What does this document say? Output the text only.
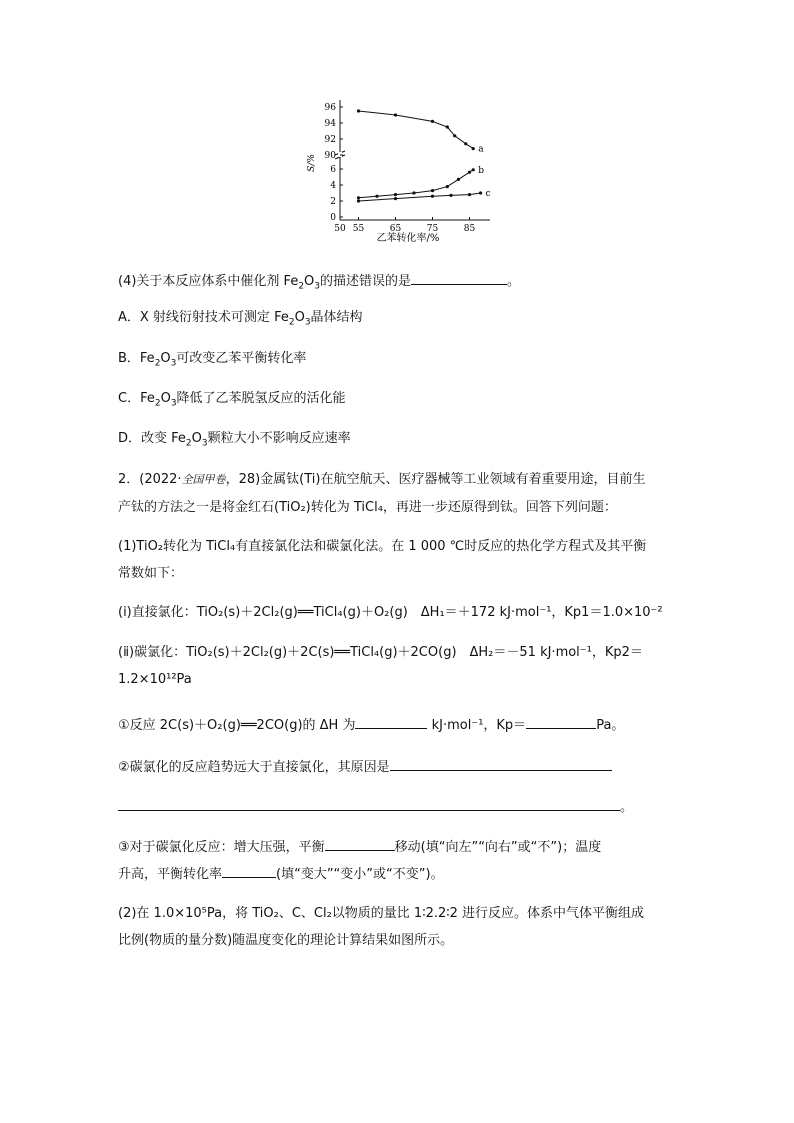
96
94
92
90
6
4
2
0
50 55	65	75	85
a
b
c
S/%
乙苯转化率/%
(4)关于本反应体系中催化剂 $Fe_2O_3$的描述错误的是	。
A．X 射线衍射技术可测定 $Fe_2O_3$晶体结构
B．$Fe_2O_3$可改变乙苯平衡转化率
C．$Fe_2O_3$降低了乙苯脱氢反应的活化能
D．改变 $Fe_2O_3$颗粒大小不影响反应速率
2．(2022·全国甲卷，28)金属钛(Ti)在航空航天、医疗器械等工业领域有着重要用途，目前生
产钛的方法之一是将金红石(TiO₂)转化为 TiCl₄，再进一步还原得到钛。回答下列问题：
(1)TiO₂转化为 TiCl₄有直接氯化法和碳氯化法。在 1 000 ℃时反应的热化学方程式及其平衡
常数如下：
(ⅰ)直接氯化：TiO₂(s)＋2Cl₂(g)══TiCl₄(g)＋O₂(g)　ΔH₁＝＋172 kJ·mol⁻¹，Kp1＝1.0×10⁻²
(ⅱ)碳氯化：TiO₂(s)＋2Cl₂(g)＋2C(s)══TiCl₄(g)＋2CO(g)　ΔH₂＝－51 kJ·mol⁻¹，Kp2＝
1.2×10¹²Pa
①反应 2C(s)＋O₂(g)══2CO(g)的 ΔH 为	kJ·mol⁻¹，Kp＝	Pa。
②碳氯化的反应趋势远大于直接氯化，其原因是
。
③对于碳氯化反应：增大压强，平衡	移动(填“向左”“向右”或“不”)；温度
升高，平衡转化率	(填“变大”“变小”或“不变”)。
(2)在 1.0×10⁵Pa，将 TiO₂、C、Cl₂以物质的量比 1∶2.2∶2 进行反应。体系中气体平衡组成
比例(物质的量分数)随温度变化的理论计算结果如图所示。
